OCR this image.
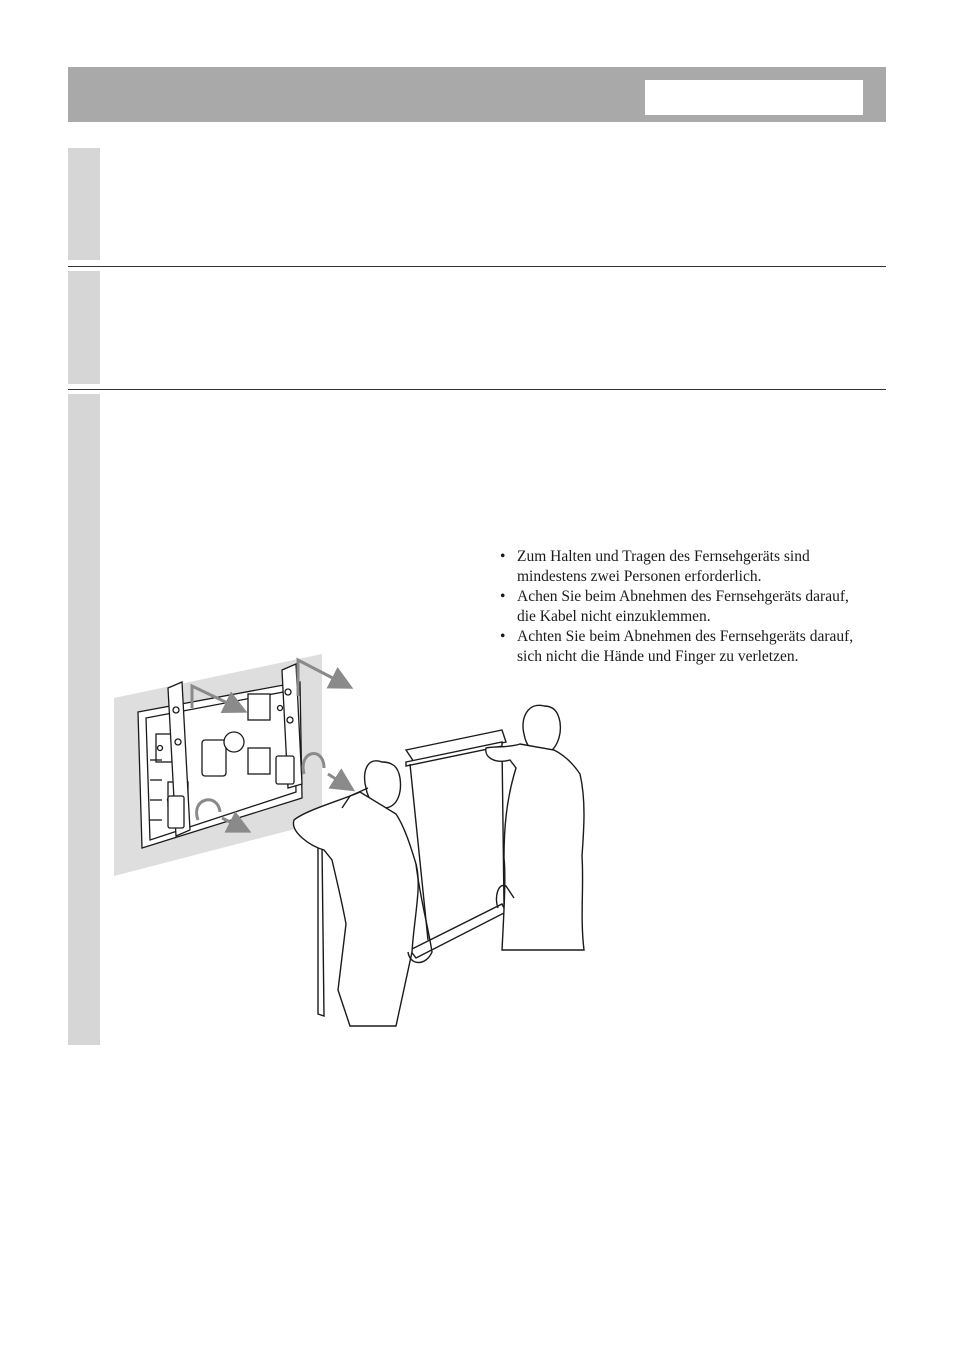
• Zum Halten und Tragen des Fernsehgeräts sind mindestens zwei Personen erforderlich.
• Achen Sie beim Abnehmen des Fernsehgeräts darauf, die Kabel nicht einzuklemmen.
• Achten Sie beim Abnehmen des Fernsehgeräts darauf, sich nicht die Hände und Finger zu verletzen.
